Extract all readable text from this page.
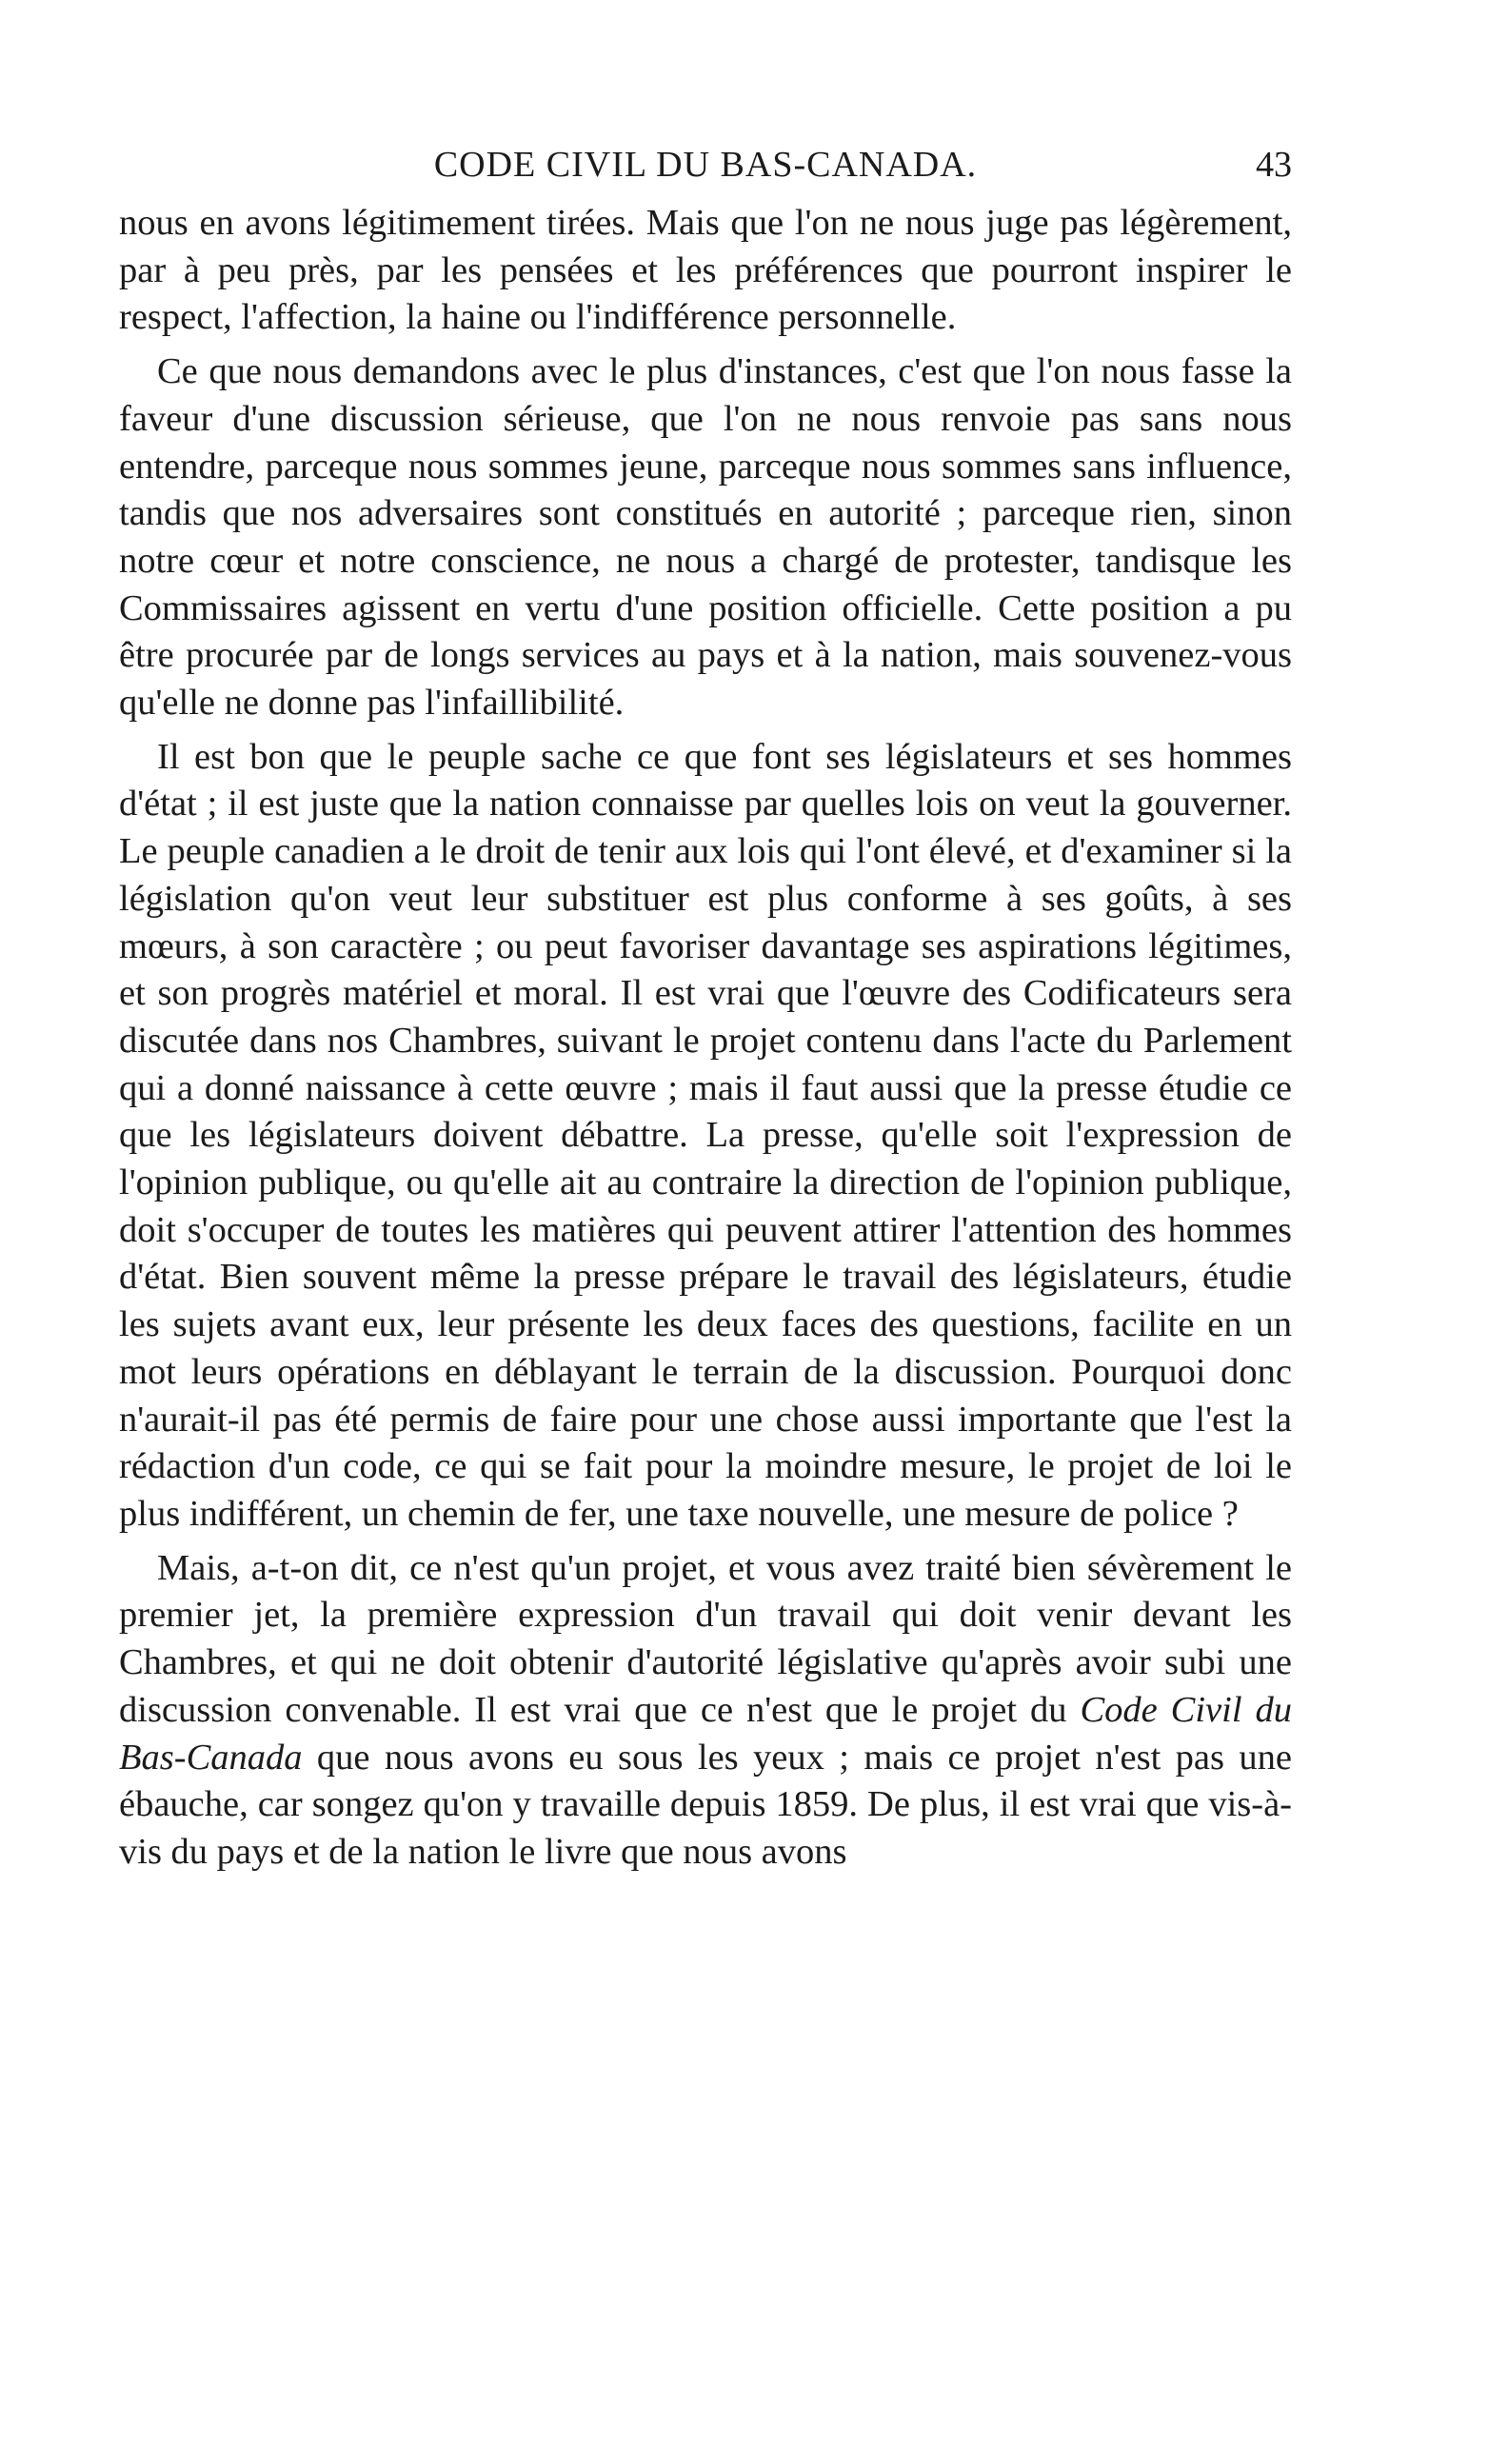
CODE CIVIL DU BAS-CANADA.	43

nous en avons légitimement tirées. Mais que l'on ne nous juge pas légèrement, par à peu près, par les pensées et les préférences que pourront inspirer le respect, l'affection, la haine ou l'indifférence personnelle.

Ce que nous demandons avec le plus d'instances, c'est que l'on nous fasse la faveur d'une discussion sérieuse, que l'on ne nous renvoie pas sans nous entendre, parceque nous sommes jeune, parceque nous sommes sans influence, tandis que nos adversaires sont constitués en autorité ; parceque rien, sinon notre cœur et notre conscience, ne nous a chargé de protester, tandisque les Commissaires agissent en vertu d'une position officielle. Cette position a pu être procurée par de longs services au pays et à la nation, mais souvenez-vous qu'elle ne donne pas l'infaillibilité.

Il est bon que le peuple sache ce que font ses législateurs et ses hommes d'état ; il est juste que la nation connaisse par quelles lois on veut la gouverner. Le peuple canadien a le droit de tenir aux lois qui l'ont élevé, et d'examiner si la législation qu'on veut leur substituer est plus conforme à ses goûts, à ses mœurs, à son caractère ; ou peut favoriser davantage ses aspirations légitimes, et son progrès matériel et moral. Il est vrai que l'œuvre des Codificateurs sera discutée dans nos Chambres, suivant le projet contenu dans l'acte du Parlement qui a donné naissance à cette œuvre ; mais il faut aussi que la presse étudie ce que les législateurs doivent débattre. La presse, qu'elle soit l'expression de l'opinion publique, ou qu'elle ait au contraire la direction de l'opinion publique, doit s'occuper de toutes les matières qui peuvent attirer l'attention des hommes d'état. Bien souvent même la presse prépare le travail des législateurs, étudie les sujets avant eux, leur présente les deux faces des questions, facilite en un mot leurs opérations en déblayant le terrain de la discussion. Pourquoi donc n'aurait-il pas été permis de faire pour une chose aussi importante que l'est la rédaction d'un code, ce qui se fait pour la moindre mesure, le projet de loi le plus indifférent, un chemin de fer, une taxe nouvelle, une mesure de police ?

Mais, a-t-on dit, ce n'est qu'un projet, et vous avez traité bien sévèrement le premier jet, la première expression d'un travail qui doit venir devant les Chambres, et qui ne doit obtenir d'autorité législative qu'après avoir subi une discussion convenable. Il est vrai que ce n'est que le projet du Code Civil du Bas-Canada que nous avons eu sous les yeux ; mais ce projet n'est pas une ébauche, car songez qu'on y travaille depuis 1859. De plus, il est vrai que vis-à-vis du pays et de la nation le livre que nous avons
